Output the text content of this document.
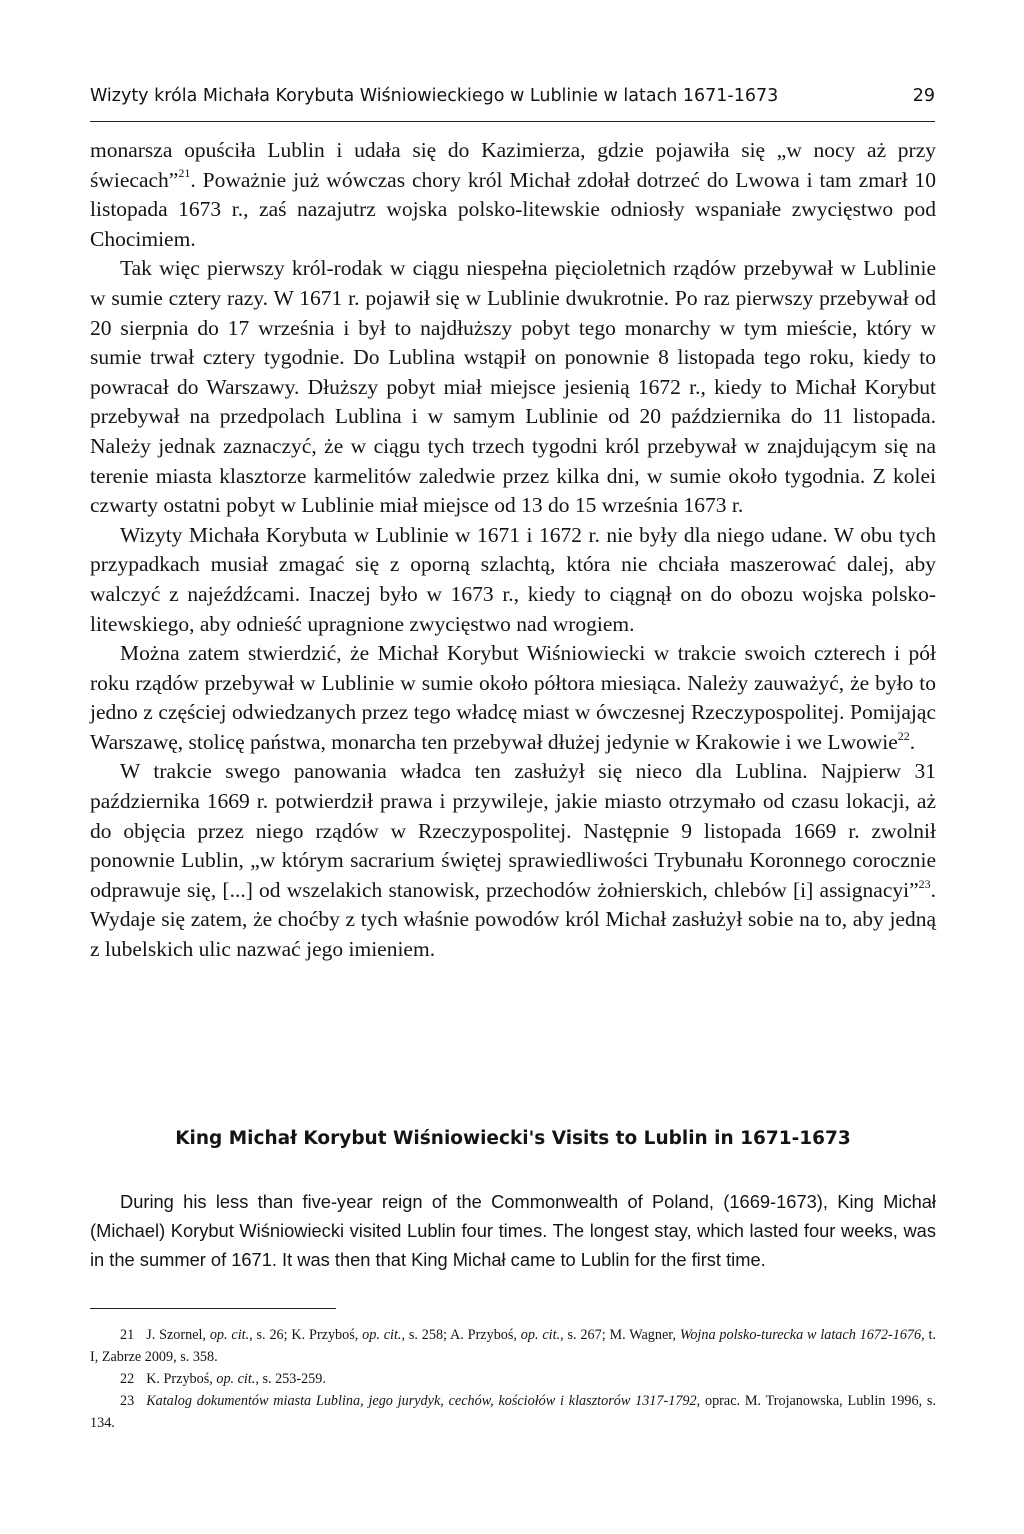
Wizyty króla Michała Korybuta Wiśniowieckiego w Lublinie w latach 1671-1673	29

monarsza opuściła Lublin i udała się do Kazimierza, gdzie pojawiła się „w nocy aż przy świecach”$^{21}$. Poważnie już wówczas chory król Michał zdołał dotrzeć do Lwowa i tam zmarł 10 listopada 1673 r., zaś nazajutrz wojska polsko-litewskie odniosły wspaniałe zwycięstwo pod Chocimiem.

Tak więc pierwszy król-rodak w ciągu niespełna pięcioletnich rządów przebywał w Lublinie w sumie cztery razy. W 1671 r. pojawił się w Lublinie dwukrotnie. Po raz pierwszy przebywał od 20 sierpnia do 17 września i był to najdłuższy pobyt tego monarchy w tym mieście, który w sumie trwał cztery tygodnie. Do Lublina wstąpił on ponownie 8 listopada tego roku, kiedy to powracał do Warszawy. Dłuższy pobyt miał miejsce jesienią 1672 r., kiedy to Michał Korybut przebywał na przedpolach Lublina i w samym Lublinie od 20 października do 11 listopada. Należy jednak zaznaczyć, że w ciągu tych trzech tygodni król przebywał w znajdującym się na terenie miasta klasztorze karmelitów zaledwie przez kilka dni, w sumie około tygodnia. Z kolei czwarty ostatni pobyt w Lublinie miał miejsce od 13 do 15 września 1673 r.

Wizyty Michała Korybuta w Lublinie w 1671 i 1672 r. nie były dla niego udane. W obu tych przypadkach musiał zmagać się z oporną szlachtą, która nie chciała maszerować dalej, aby walczyć z najeźdźcami. Inaczej było w 1673 r., kiedy to ciągnął on do obozu wojska polsko-litewskiego, aby odnieść upragnione zwycięstwo nad wrogiem.

Można zatem stwierdzić, że Michał Korybut Wiśniowiecki w trakcie swoich czterech i pół roku rządów przebywał w Lublinie w sumie około półtora miesiąca. Należy zauważyć, że było to jedno z częściej odwiedzanych przez tego władcę miast w ówczesnej Rzeczypospolitej. Pomijając Warszawę, stolicę państwa, monarcha ten przebywał dłużej jedynie w Krakowie i we Lwowie$^{22}$.

W trakcie swego panowania władca ten zasłużył się nieco dla Lublina. Najpierw 31 października 1669 r. potwierdził prawa i przywileje, jakie miasto otrzymało od czasu lokacji, aż do objęcia przez niego rządów w Rzeczypospolitej. Następnie 9 listopada 1669 r. zwolnił ponownie Lublin, „w którym sacrarium świętej sprawiedliwości Trybunału Koronnego corocznie odprawuje się, [...] od wszelakich stanowisk, przechodów żołnierskich, chlebów [i] assignacyi”$^{23}$. Wydaje się zatem, że choćby z tych właśnie powodów król Michał zasłużył sobie na to, aby jedną z lubelskich ulic nazwać jego imieniem.

King Michał Korybut Wiśniowiecki's Visits to Lublin in 1671-1673

During his less than five-year reign of the Commonwealth of Poland, (1669-1673), King Michał (Michael) Korybut Wiśniowiecki visited Lublin four times. The longest stay, which lasted four weeks, was in the summer of 1671. It was then that King Michał came to Lublin for the first time.

21 J. Szornel, op. cit., s. 26; K. Przyboś, op. cit., s. 258; A. Przyboś, op. cit., s. 267; M. Wagner, Wojna polsko-turecka w latach 1672-1676, t. I, Zabrze 2009, s. 358.

22 K. Przyboś, op. cit., s. 253-259.

23 Katalog dokumentów miasta Lublina, jego jurydyk, cechów, kościołów i klasztorów 1317-1792, oprac. M. Trojanowska, Lublin 1996, s. 134.
